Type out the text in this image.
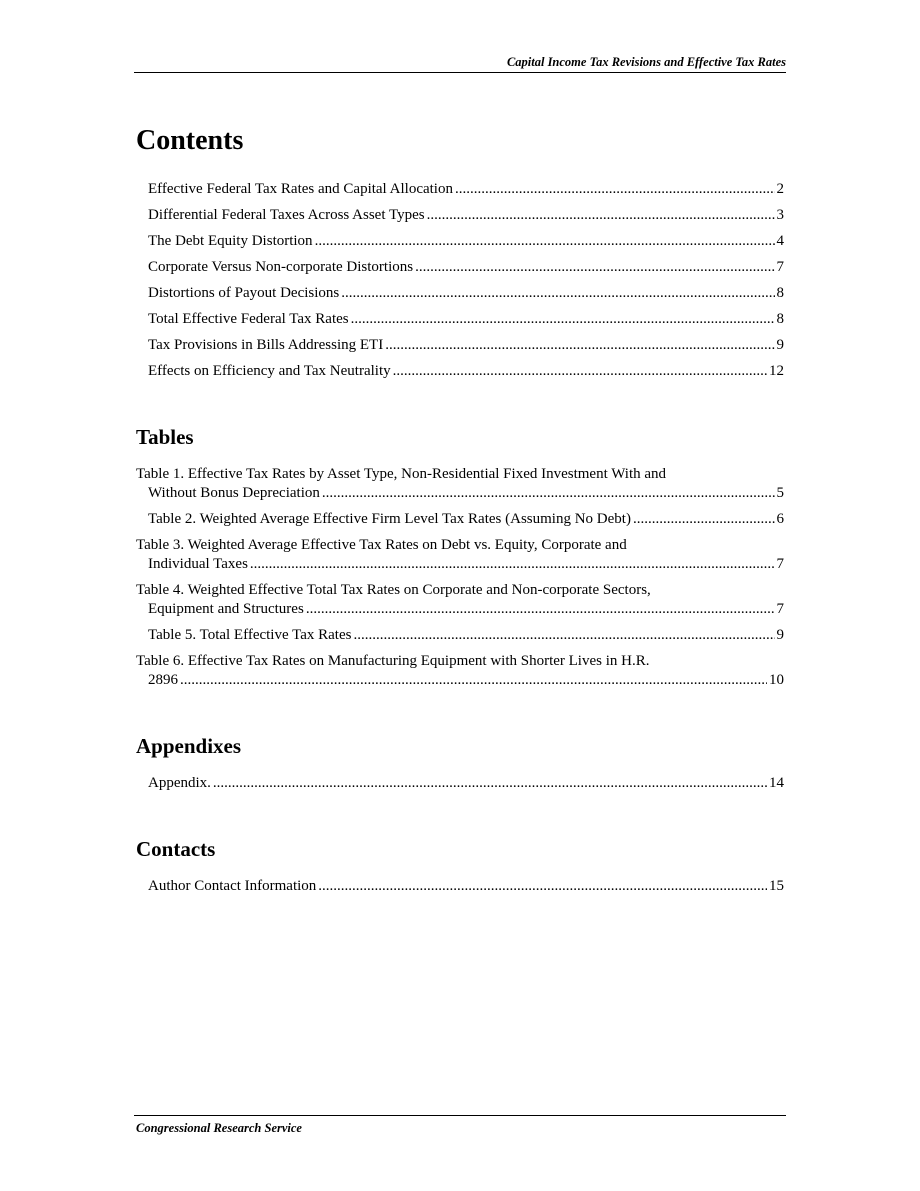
Capital Income Tax Revisions and Effective Tax Rates
Contents
Effective Federal Tax Rates and Capital Allocation .....	2
Differential Federal Taxes Across Asset Types .....	3
The Debt Equity Distortion .....	4
Corporate Versus Non-corporate Distortions .....	7
Distortions of Payout Decisions .....	8
Total Effective Federal Tax Rates .....	8
Tax Provisions in Bills Addressing ETI .....	9
Effects on Efficiency and Tax Neutrality .....	12
Tables
Table 1. Effective Tax Rates by Asset Type, Non-Residential Fixed Investment With and
Without Bonus Depreciation .....	5
Table 2. Weighted Average Effective Firm Level Tax Rates (Assuming No Debt) .....	6
Table 3. Weighted Average Effective Tax Rates on Debt vs. Equity, Corporate and
Individual Taxes .....	7
Table 4. Weighted Effective Total Tax Rates on Corporate and Non-corporate Sectors,
Equipment and Structures .....	7
Table 5. Total Effective Tax Rates .....	9
Table 6. Effective Tax Rates on Manufacturing Equipment with Shorter Lives in H.R.
2896 .....	10
Appendixes
Appendix. .....	14
Contacts
Author Contact Information .....	15
Congressional Research Service
